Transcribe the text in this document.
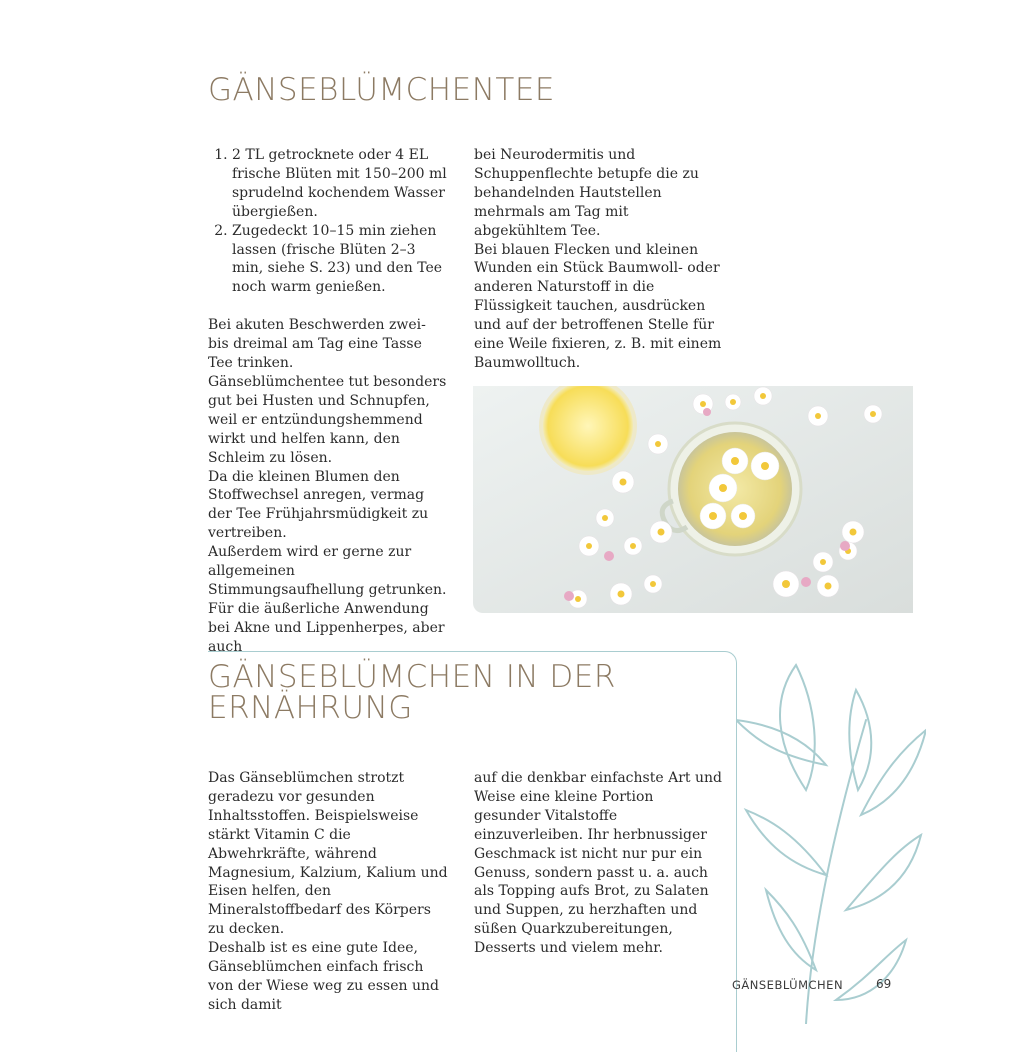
GÄNSEBLÜMCHENTEE
1. 2 TL getrocknete oder 4 EL frische Blüten mit 150–200 ml sprudelnd kochendem Wasser übergießen.
2. Zugedeckt 10–15 min ziehen lassen (frische Blüten 2–3 min, siehe S. 23) und den Tee noch warm genießen.

Bei akuten Beschwerden zwei- bis dreimal am Tag eine Tasse Tee trinken.

Gänseblümchentee tut besonders gut bei Husten und Schnupfen, weil er entzündungshemmend wirkt und helfen kann, den Schleim zu lösen.

Da die kleinen Blumen den Stoffwechsel anregen, vermag der Tee Frühjahrsmüdigkeit zu vertreiben.

Außerdem wird er gerne zur allgemeinen Stimmungsaufhellung getrunken.

Für die äußerliche Anwendung bei Akne und Lippenherpes, aber auch

bei Neurodermitis und Schuppenflechte betupfe die zu behandelnden Hautstellen mehrmals am Tag mit abgekühltem Tee.

Bei blauen Flecken und kleinen Wunden ein Stück Baumwoll- oder anderen Naturstoff in die Flüssigkeit tauchen, ausdrücken und auf der betroffenen Stelle für eine Weile fixieren, z. B. mit einem Baumwolltuch.

GÄNSEBLÜMCHEN IN DER
ERNÄHRUNG

Das Gänseblümchen strotzt geradezu vor gesunden Inhaltsstoffen. Beispielsweise stärkt Vitamin C die Abwehrkräfte, während Magnesium, Kalzium, Kalium und Eisen helfen, den Mineralstoffbedarf des Körpers zu decken.

Deshalb ist es eine gute Idee, Gänseblümchen einfach frisch von der Wiese weg zu essen und sich damit

auf die denkbar einfachste Art und Weise eine kleine Portion gesunder Vitalstoffe einzuverleiben. Ihr herbnussiger Geschmack ist nicht nur pur ein Genuss, sondern passt u. a. auch als Topping aufs Brot, zu Salaten und Suppen, zu herzhaften und süßen Quarkzubereitungen, Desserts und vielem mehr.

GÄNSEBLÜMCHEN	69
